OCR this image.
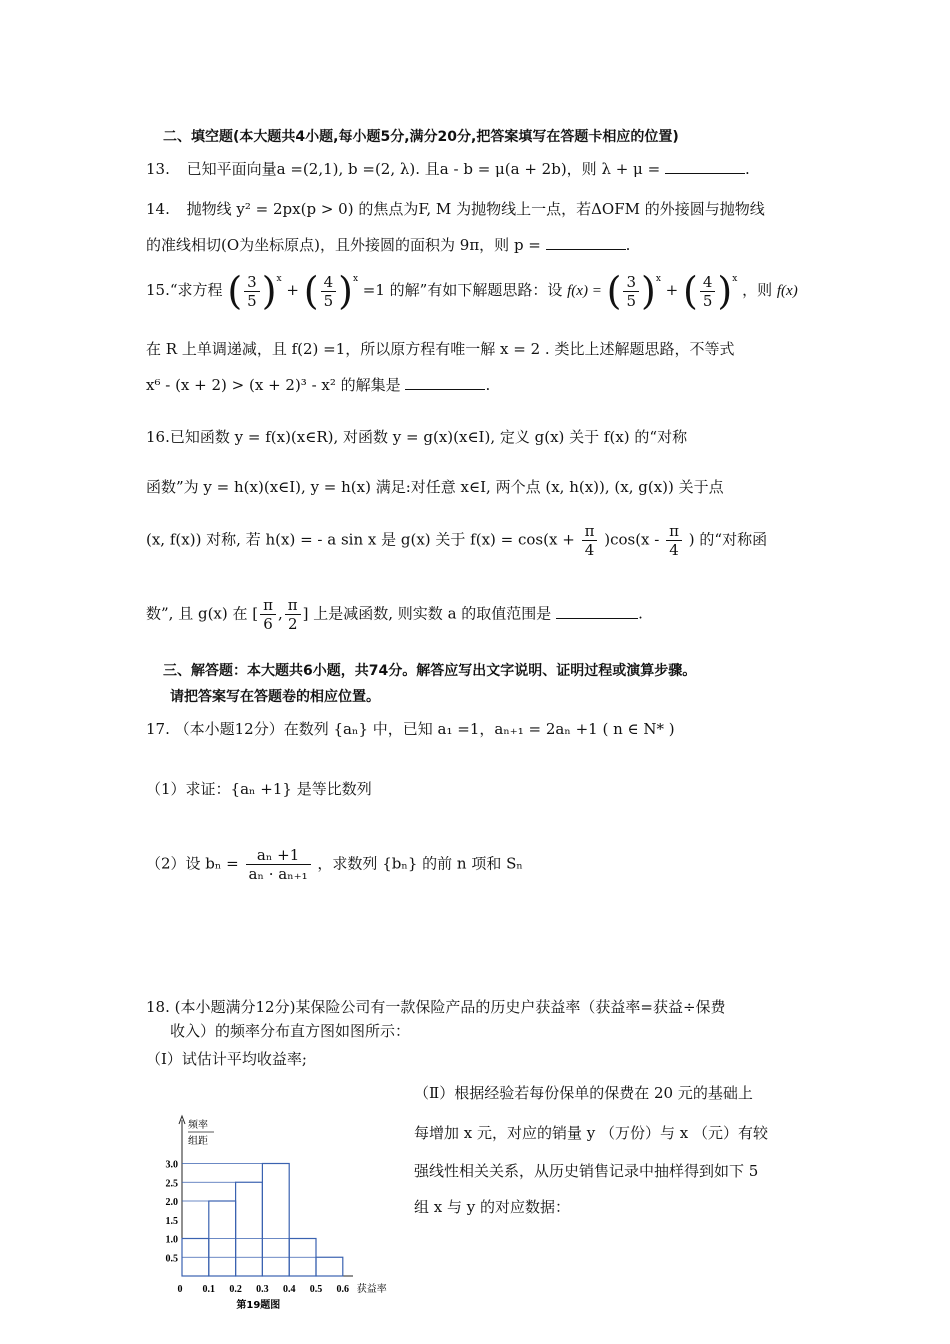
二、填空题(本大题共4小题,每小题5分,满分20分,把答案填写在答题卡相应的位置)
13. 已知平面向量a =(2,1), b =(2, λ). 且a - b = μ(a + 2b)，则 λ + μ =	.
14. 抛物线 y² = 2px(p > 0) 的焦点为F, M 为抛物线上一点，若ΔOFM 的外接圆与抛物线
的准线相切(O为坐标原点)，且外接圆的面积为 9π，则 p =	.
15.“求方程 ( $\frac{3}{5} )^x$ + ( $\frac{4}{5} )^x =1$ 的解”有如下解题思路：设 f(x) = ( $\frac{3}{5} )^x$ + ( $\frac{4}{5} )^x$ ，则 f(x)
在 R 上单调递减，且 f(2) =1，所以原方程有唯一解 x = 2 . 类比上述解题思路，不等式
x⁶ - (x + 2) > (x + 2)³ - x² 的解集是	.
16.已知函数 y = f(x)(x∈R), 对函数 y = g(x)(x∈I), 定义 g(x) 关于 f(x) 的“对称
函数”为 y = h(x)(x∈I), y = h(x) 满足:对任意 x∈I, 两个点 (x, h(x)), (x, g(x)) 关于点
(x, f(x)) 对称, 若 h(x) = - a sin x 是 g(x) 关于 $f(x) = \cos(x + \frac{\pi}{4} )\cos(x - \frac{\pi}{4}$ ) 的“对称函
数”, 且 g(x) 在 [ $\frac{\pi}{6}$ , $\frac{\pi}{2}$ ] 上是减函数, 则实数 a 的取值范围是	.
三、解答题：本大题共6小题，共74分。解答应写出文字说明、证明过程或演算步骤。
请把答案写在答题卷的相应位置。
17. （本小题12分）在数列 {aₙ} 中，已知 a₁ =1，aₙ₊₁ = 2aₙ +1 ( n ∈ N* )
（1）求证：{aₙ +1} 是等比数列
（2）设 $b_n = \frac{\text{aₙ +1}}{\text{aₙ · aₙ₊₁}}$ ，求数列 {bₙ} 的前 n 项和 Sₙ
18. (本小题满分12分)某保险公司有一款保险产品的历史户获益率（获益率=获益÷保费
收入）的频率分布直方图如图所示：
（Ⅰ）试估计平均收益率;
（Ⅱ）根据经验若每份保单的保费在 20 元的基础上
每增加 x 元，对应的销量 y （万份）与 x （元）有较
强线性相关关系，从历史销售记录中抽样得到如下 5
组 x 与 y 的对应数据：
0.5
1.0
1.5
2.0
2.5
3.0
0 0.1 0.2 0.3 0.4 0.5 0.6
频率
组距
获益率
第19题图
